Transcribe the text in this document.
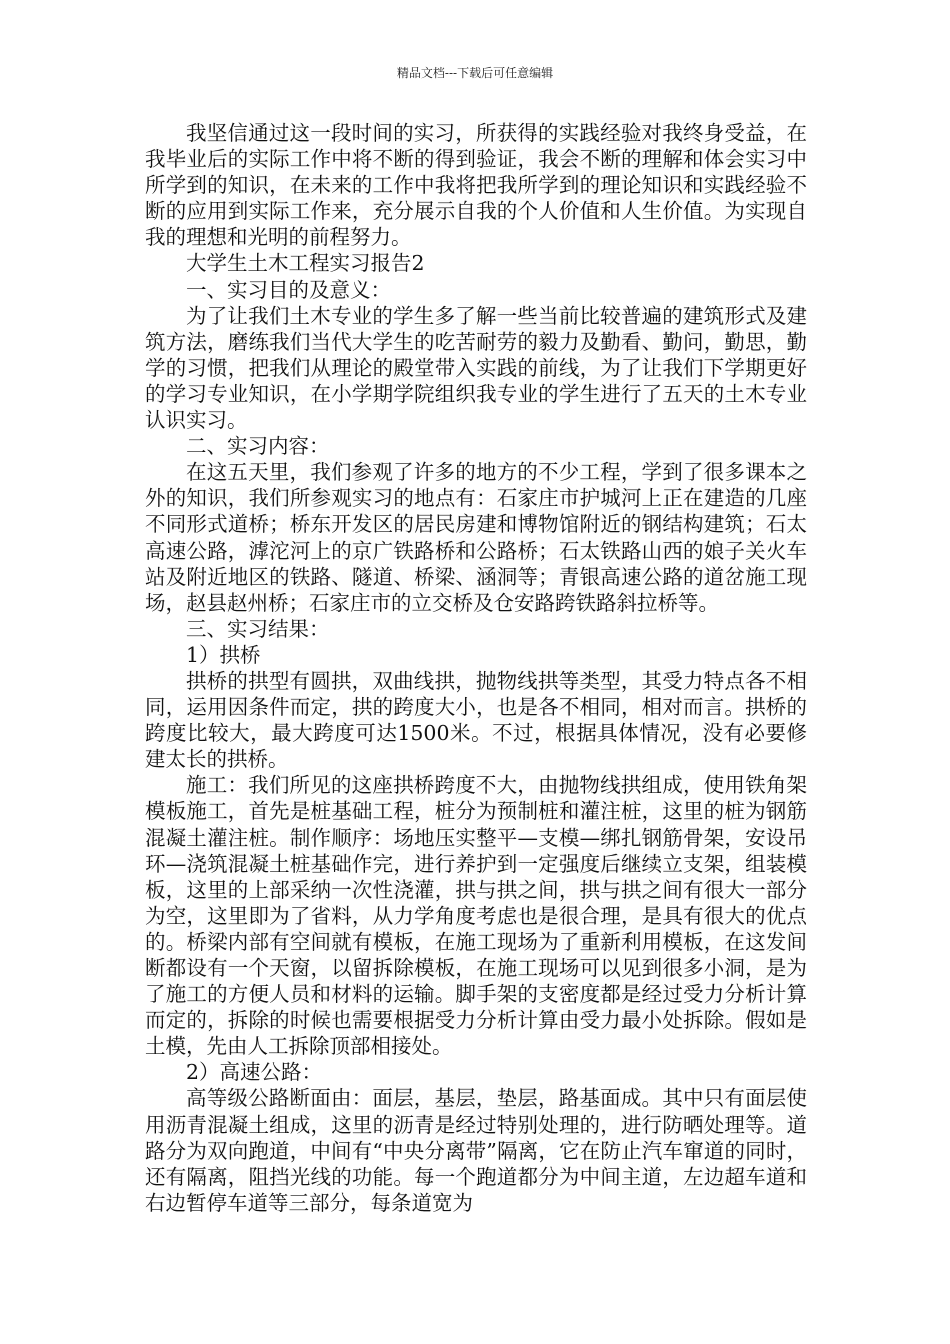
精品文档---下载后可任意编辑

我坚信通过这一段时间的实习，所获得的实践经验对我终身受益，在我毕业后的实际工作中将不断的得到验证，我会不断的理解和体会实习中所学到的知识，在未来的工作中我将把我所学到的理论知识和实践经验不断的应用到实际工作来，充分展示自我的个人价值和人生价值。为实现自我的理想和光明的前程努力。

大学生土木工程实习报告2

一、实习目的及意义：

为了让我们土木专业的学生多了解一些当前比较普遍的建筑形式及建筑方法，磨练我们当代大学生的吃苦耐劳的毅力及勤看、勤问，勤思，勤学的习惯，把我们从理论的殿堂带入实践的前线，为了让我们下学期更好的学习专业知识，在小学期学院组织我专业的学生进行了五天的土木专业认识实习。

二、实习内容：

在这五天里，我们参观了许多的地方的不少工程，学到了很多课本之外的知识，我们所参观实习的地点有：石家庄市护城河上正在建造的几座不同形式道桥；桥东开发区的居民房建和博物馆附近的钢结构建筑；石太高速公路，滹沱河上的京广铁路桥和公路桥；石太铁路山西的娘子关火车站及附近地区的铁路、隧道、桥梁、涵洞等；青银高速公路的道岔施工现场，赵县赵州桥；石家庄市的立交桥及仓安路跨铁路斜拉桥等。

三、实习结果：

1）拱桥

拱桥的拱型有圆拱，双曲线拱，抛物线拱等类型，其受力特点各不相同，运用因条件而定，拱的跨度大小，也是各不相同，相对而言。拱桥的跨度比较大，最大跨度可达1500米。不过，根据具体情况，没有必要修建太长的拱桥。

施工：我们所见的这座拱桥跨度不大，由抛物线拱组成，使用铁角架模板施工，首先是桩基础工程，桩分为预制桩和灌注桩，这里的桩为钢筋混凝土灌注桩。制作顺序：场地压实整平—支模—绑扎钢筋骨架，安设吊环—浇筑混凝土桩基础作完，进行养护到一定强度后继续立支架，组装模板，这里的上部采纳一次性浇灌，拱与拱之间，拱与拱之间有很大一部分为空，这里即为了省料，从力学角度考虑也是很合理，是具有很大的优点的。桥梁内部有空间就有模板，在施工现场为了重新利用模板，在这发间断都设有一个天窗，以留拆除模板，在施工现场可以见到很多小洞，是为了施工的方便人员和材料的运输。脚手架的支密度都是经过受力分析计算而定的，拆除的时候也需要根据受力分析计算由受力最小处拆除。假如是土模，先由人工拆除顶部相接处。

2）高速公路：

高等级公路断面由：面层，基层，垫层，路基面成。其中只有面层使用沥青混凝土组成，这里的沥青是经过特别处理的，进行防晒处理等。道路分为双向跑道，中间有“中央分离带”隔离，它在防止汽车窜道的同时，还有隔离，阻挡光线的功能。每一个跑道都分为中间主道，左边超车道和右边暂停车道等三部分，每条道宽为
